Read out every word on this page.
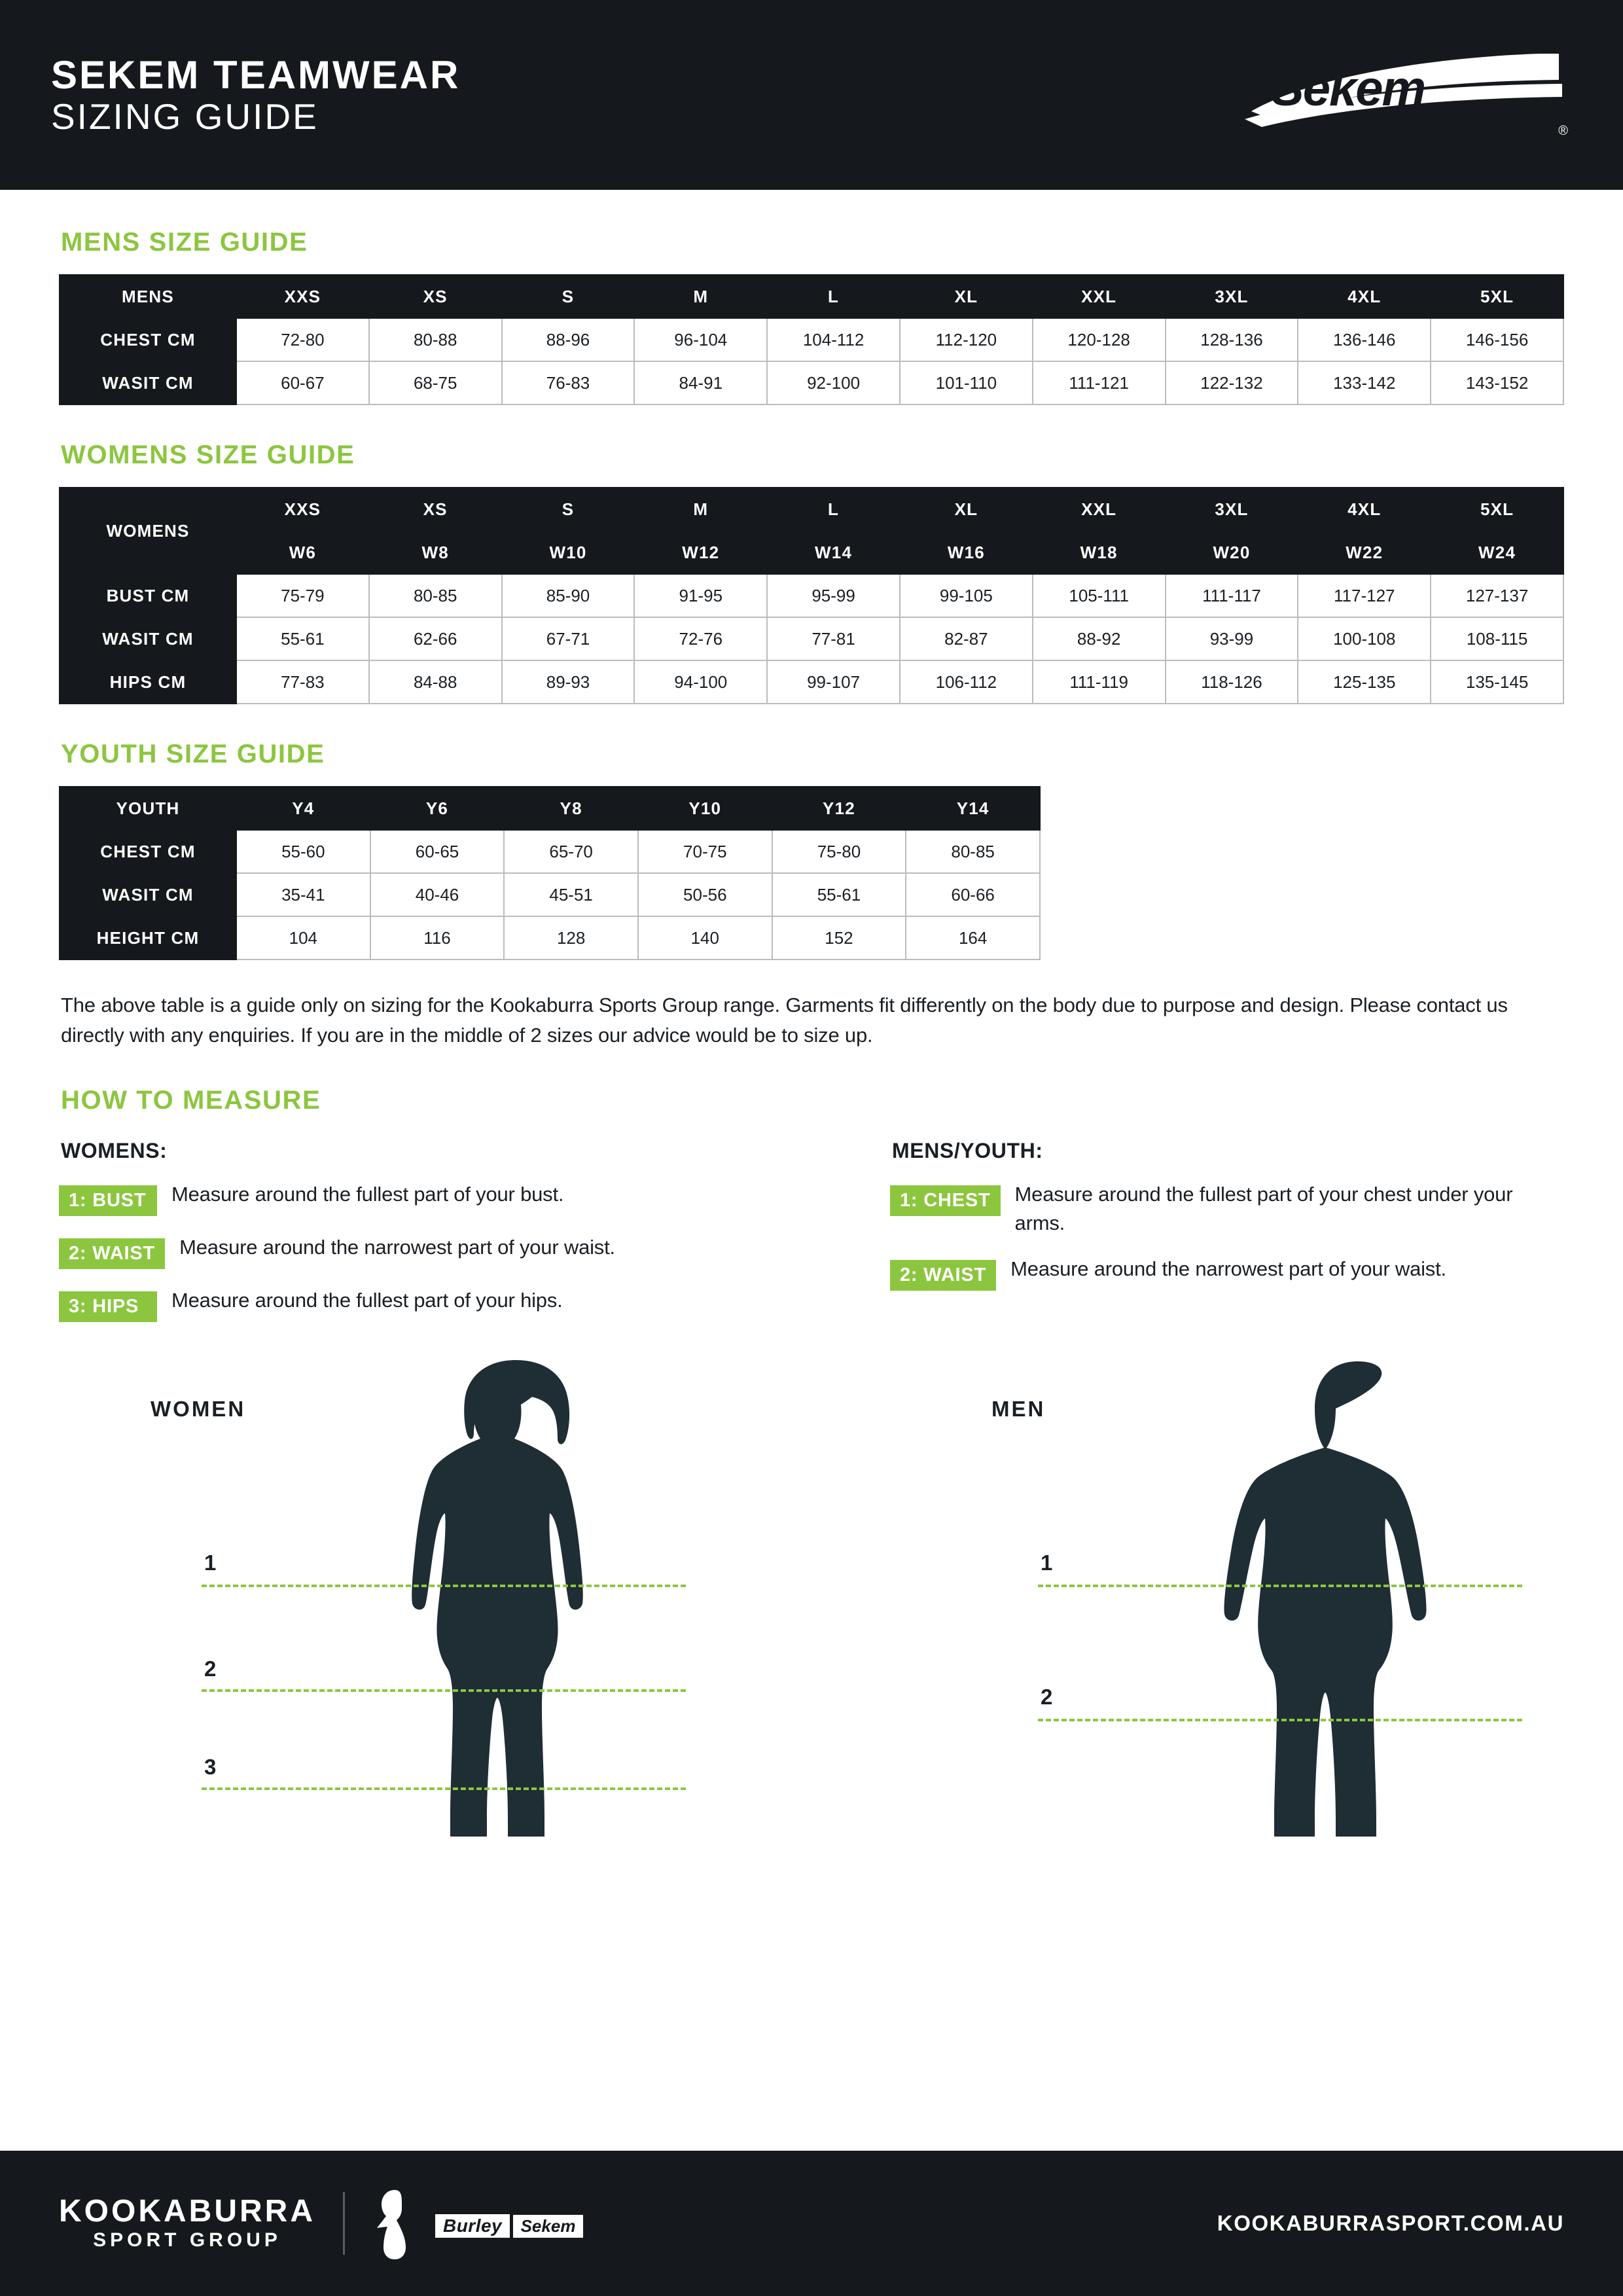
SEKEM TEAMWEAR
SIZING GUIDE	Sekem
®
MENS SIZE GUIDE
MENS	XXS	XS	S	M	L	XL	XXL	3XL	4XL	5XL
CHEST CM	72-80	80-88	88-96	96-104	104-112	112-120	120-128	128-136	136-146	146-156
WASIT CM	60-67	68-75	76-83	84-91	92-100	101-110	111-121	122-132	133-142	143-152
WOMENS SIZE GUIDE
WOMENS	XXS	XS	S	M	L	XL	XXL	3XL	4XL	5XL
	W6	W8	W10	W12	W14	W16	W18	W20	W22	W24
BUST CM	75-79	80-85	85-90	91-95	95-99	99-105	105-111	111-117	117-127	127-137
WASIT CM	55-61	62-66	67-71	72-76	77-81	82-87	88-92	93-99	100-108	108-115
HIPS CM	77-83	84-88	89-93	94-100	99-107	106-112	111-119	118-126	125-135	135-145
YOUTH SIZE GUIDE
YOUTH	Y4	Y6	Y8	Y10	Y12	Y14
CHEST CM	55-60	60-65	65-70	70-75	75-80	80-85
WASIT CM	35-41	40-46	45-51	50-56	55-61	60-66
HEIGHT CM	104	116	128	140	152	164
The above table is a guide only on sizing for the Kookaburra Sports Group range. Garments fit differently on the body due to purpose and design. Please contact us directly with any enquiries. If you are in the middle of 2 sizes our advice would be to size up.
HOW TO MEASURE
WOMENS:
1: BUST	Measure around the fullest part of your bust.
2: WAIST	Measure around the narrowest part of your waist.
3: HIPS	Measure around the fullest part of your hips.
MENS/YOUTH:
1: CHEST	Measure around the fullest part of your chest under your arms.
2: WAIST	Measure around the narrowest part of your waist.
WOMEN
1
2
3
MEN
1
2
KOOKABURRA
SPORT GROUP
Burley Sekem	KOOKABURRASPORT.COM.AU
